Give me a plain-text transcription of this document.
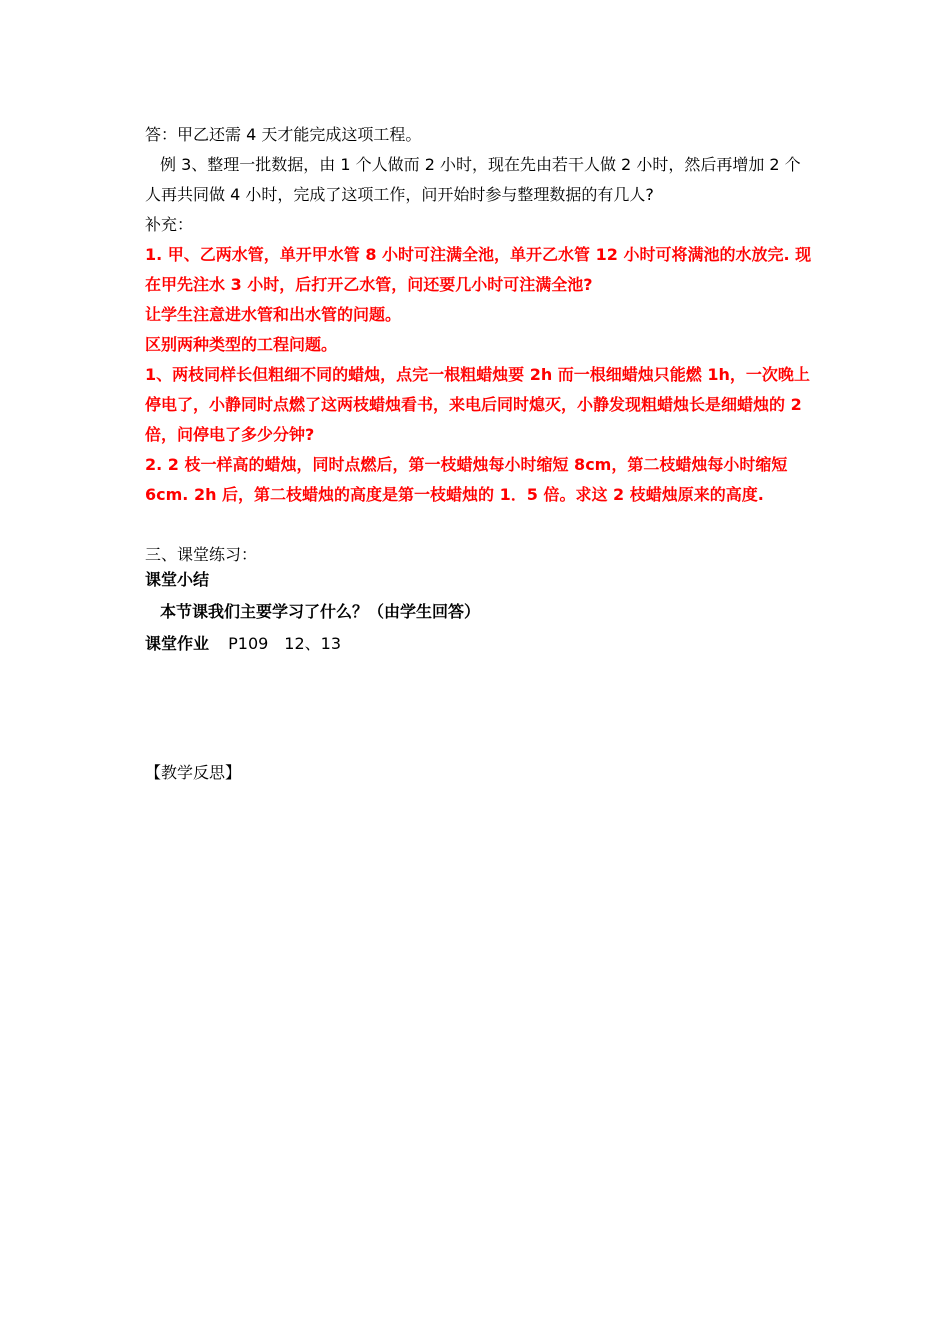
答：甲乙还需 4 天才能完成这项工程。
例 3、整理一批数据，由 1 个人做而 2 小时，现在先由若干人做 2 小时，然后再增加 2 个
人再共同做 4 小时，完成了这项工作，问开始时参与整理数据的有几人?
补充：
1. 甲、乙两水管，单开甲水管 8 小时可注满全池，单开乙水管 12 小时可将满池的水放完. 现
在甲先注水 3 小时，后打开乙水管，问还要几小时可注满全池?
让学生注意进水管和出水管的问题。
区别两种类型的工程问题。
1、两枝同样长但粗细不同的蜡烛，点完一根粗蜡烛要 2h 而一根细蜡烛只能燃 1h，一次晚上
停电了，小静同时点燃了这两枝蜡烛看书，来电后同时熄灭，小静发现粗蜡烛长是细蜡烛的 2
倍，问停电了多少分钟?
2. 2 枝一样高的蜡烛，同时点燃后，第一枝蜡烛每小时缩短 8cm，第二枝蜡烛每小时缩短
6cm. 2h 后，第二枝蜡烛的高度是第一枝蜡烛的 1．5 倍。求这 2 枝蜡烛原来的高度.
三、课堂练习：
课堂小结
本节课我们主要学习了什么？（由学生回答）
课堂作业 P109　12、13
【教学反思】
